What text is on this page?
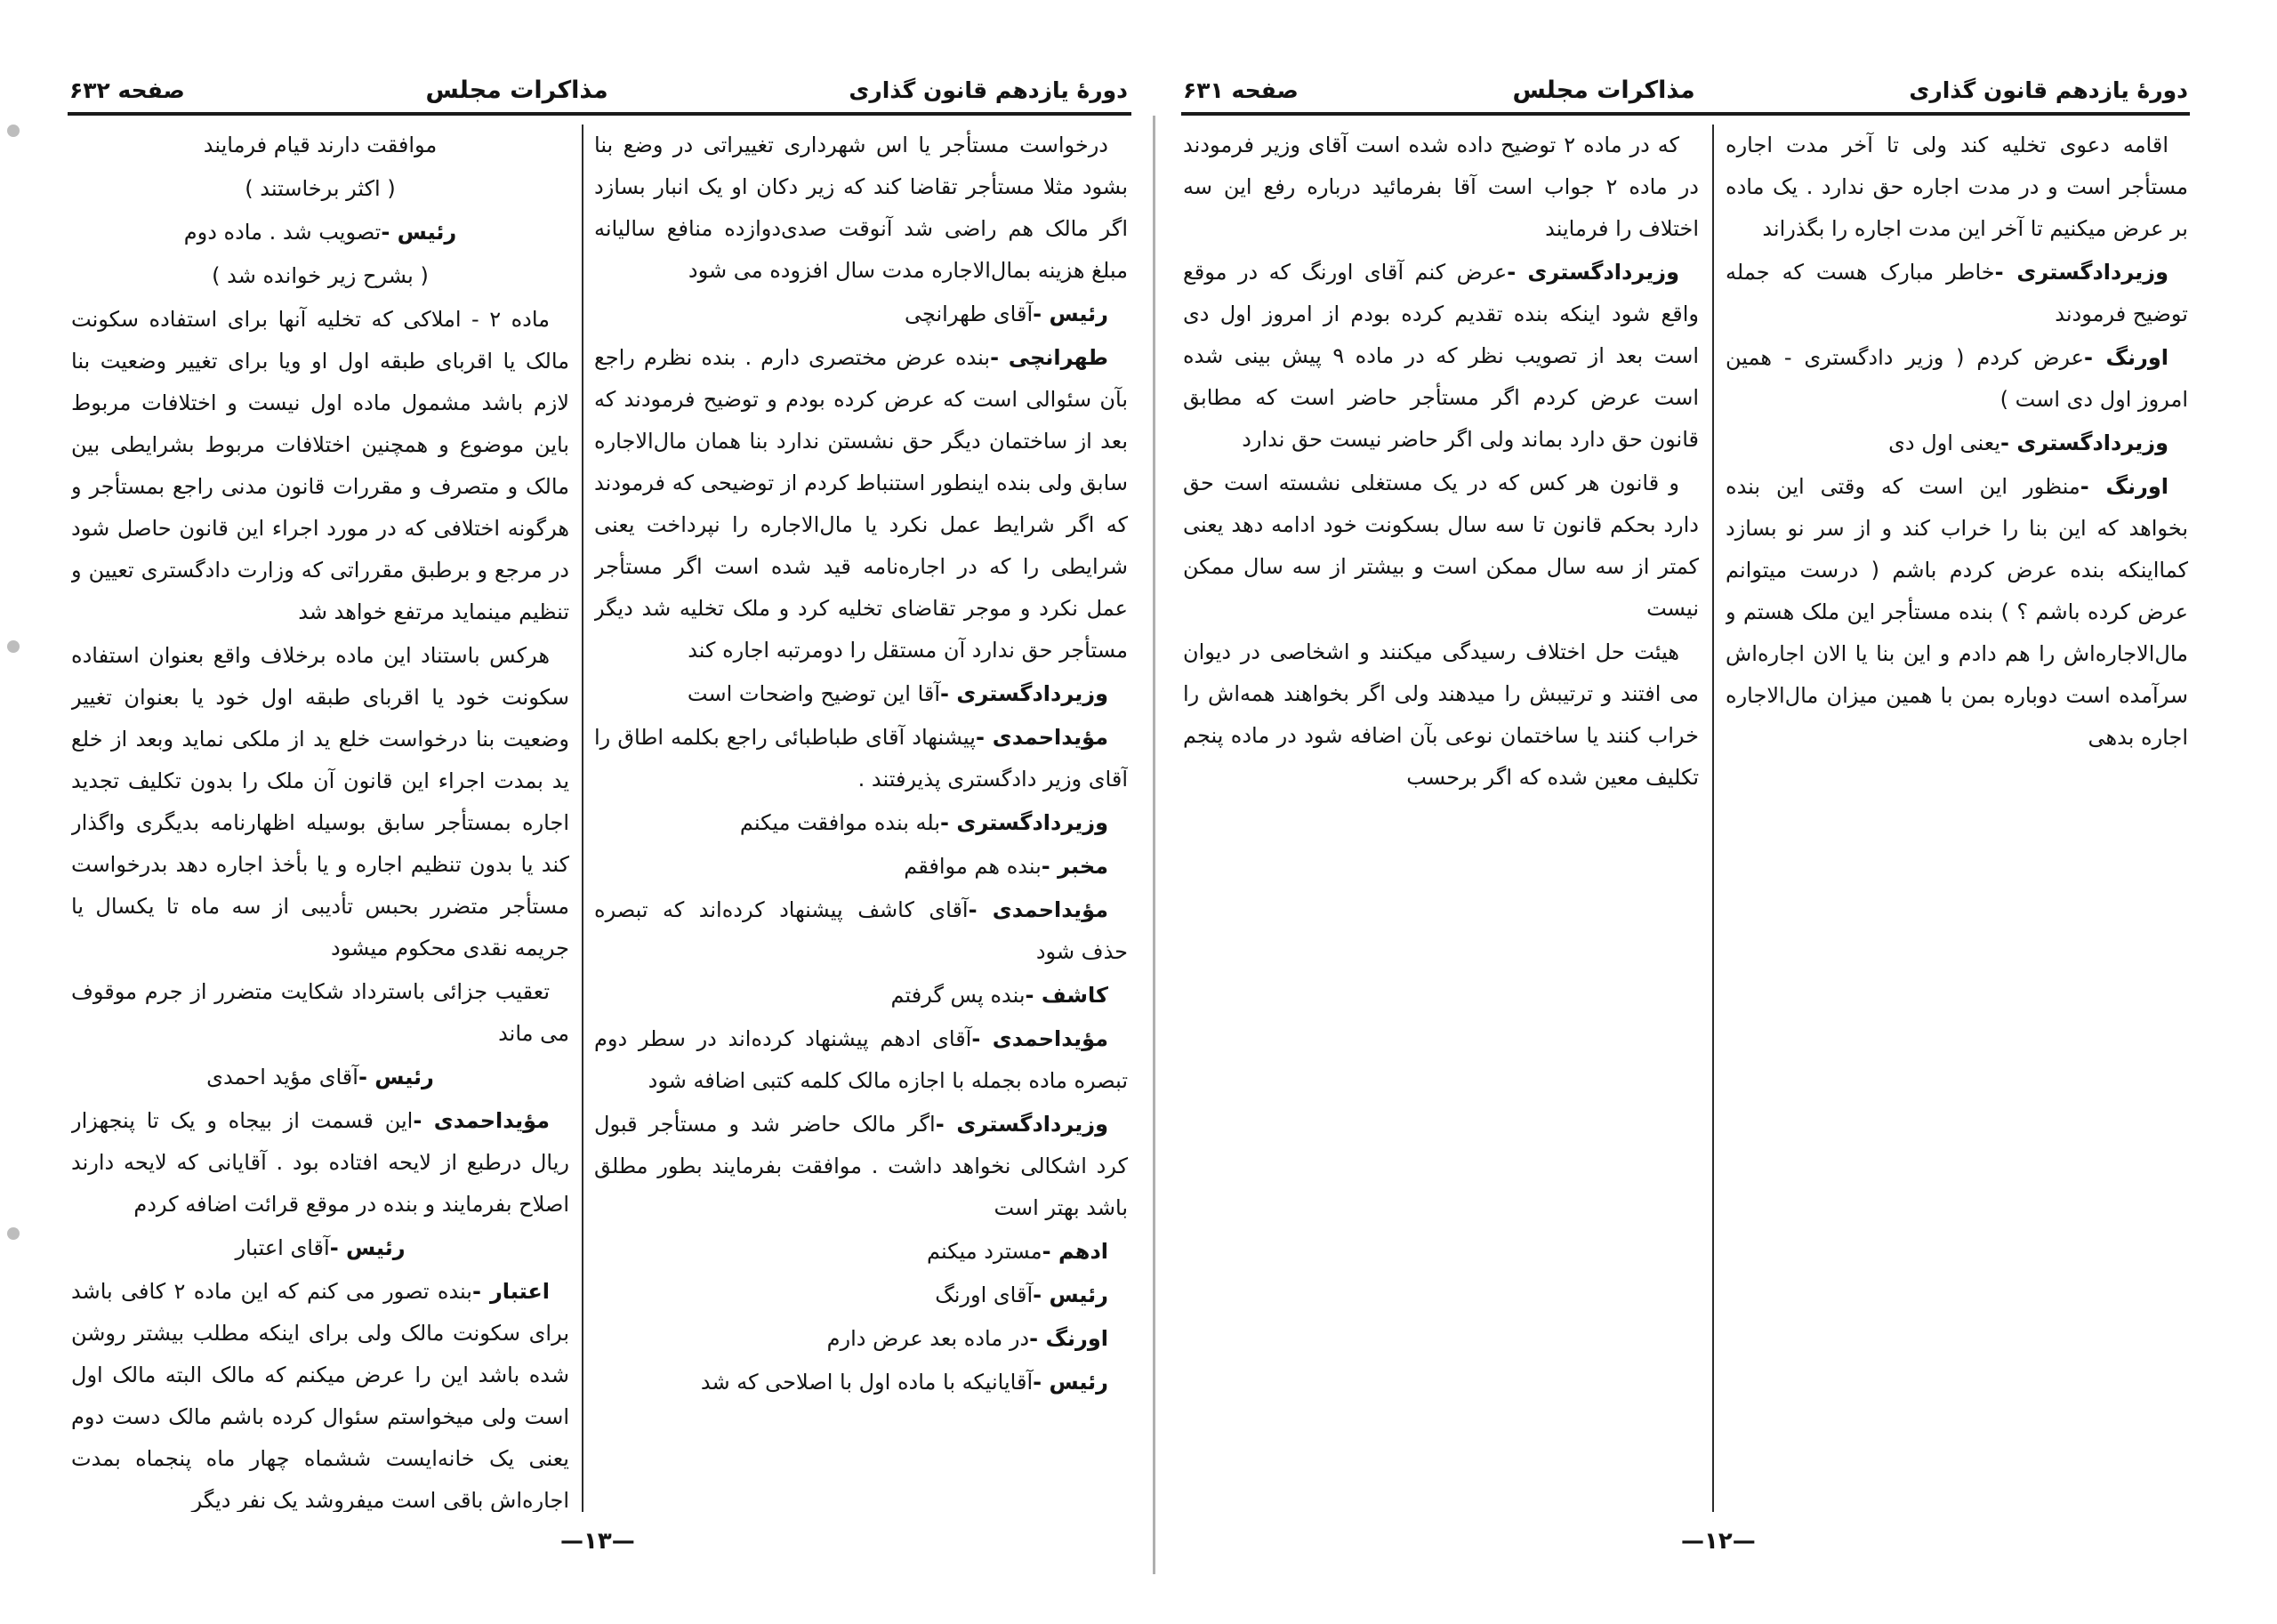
دورهٔ یازدهم قانون گذاری
مذاکرات مجلس
صفحه ۶۳۲

درخواست مستأجر یا اس شهرداری تغییراتی در وضع بنا بشود مثلا مستأجر تقاضا کند که زیر دکان او یک انبار بسازد اگر مالک هم راضی شد آنوقت صدی‌دوازده منافع سالیانه مبلغ هزینه بمال‌الاجاره مدت سال افزوده می شود

رئیس -آقای طهرانچی

طهرانچی -بنده عرض مختصری دارم . بنده نظرم راجع بآن سئوالی است که عرض کرده بودم و توضیح فرمودند که بعد از ساختمان دیگر حق نشستن ندارد بنا همان مال‌الاجاره سابق ولی بنده اینطور استنباط کردم از توضیحی که فرمودند که اگر شرایط عمل نکرد یا مال‌الاجاره را نپرداخت یعنی شرایطی را که در اجاره‌نامه قید شده است اگر مستأجر عمل نکرد و موجر تقاضای تخلیه کرد و ملک تخلیه شد دیگر مستأجر حق ندارد آن مستقل را دومرتبه اجاره کند

وزیردادگستری -آقا این توضیح واضحات است

مؤیداحمدی -پیشنهاد آقای طباطبائی راجع بکلمه اطاق را آقای وزیر دادگستری پذیرفتند .

وزیردادگستری -بله بنده موافقت میکنم

مخبر -بنده هم موافقم

مؤیداحمدی -آقای کاشف پیشنهاد کرده‌اند که تبصره حذف شود

کاشف -بنده پس گرفتم

مؤیداحمدی -آقای ادهم پیشنهاد کرده‌اند در سطر دوم تبصره ماده بجمله با اجازه مالک کلمه کتبی اضافه شود

وزیردادگستری -اگر مالک حاضر شد و مستأجر قبول کرد اشکالی نخواهد داشت . موافقت بفرمایند بطور مطلق باشد بهتر است

ادهم -مسترد میکنم

رئیس -آقای اورنگ

اورنگ -در ماده بعد عرض دارم

رئیس -آقایانیکه با ماده اول با اصلاحی که شد

موافقت دارند قیام فرمایند

( اکثر برخاستند )

رئیس -تصویب شد . ماده دوم

( بشرح زیر خوانده شد )

ماده ۲ - املاکی که تخلیه آنها برای استفاده سکونت مالک یا اقربای طبقه اول او ویا برای تغییر وضعیت بنا لازم باشد مشمول ماده اول نیست و اختلافات مربوط باین موضوع و همچنین اختلافات مربوط بشرایطی بین مالک و متصرف و مقررات قانون مدنی راجع بمستأجر و هرگونه اختلافی که در مورد اجراء این قانون حاصل شود در مرجع و برطبق مقرراتی که وزارت دادگستری تعیین و تنظیم مینماید مرتفع خواهد شد

هرکس باستناد این ماده برخلاف واقع بعنوان استفاده سکونت خود یا اقربای طبقه اول خود یا بعنوان تغییر وضعیت بنا درخواست خلع ید از ملکی نماید وبعد از خلع ید بمدت اجراء این قانون آن ملک را بدون تکلیف تجدید اجاره بمستأجر سابق بوسیله اظهارنامه بدیگری واگذار کند یا بدون تنظیم اجاره و یا بأخذ اجاره دهد بدرخواست مستأجر متضرر بحبس تأدیبی از سه ماه تا یکسال یا جریمه نقدی محکوم میشود

تعقیب جزائی باسترداد شکایت متضرر از جرم موقوف می ماند

رئیس -آقای مؤید احمدی

مؤیداحمدی -این قسمت از بیجاه و یک تا پنجهزار ریال درطبع از لایحه افتاده بود . آقایانی که لایحه دارند اصلاح بفرمایند و بنده در موقع قرائت اضافه کردم

رئیس -آقای اعتبار

اعتبار -بنده تصور می کنم که این ماده ۲ کافی باشد برای سکونت مالک ولی برای اینکه مطلب بیشتر روشن شده باشد این را عرض میکنم که مالک البته مالک اول است ولی میخواستم سئوال کرده باشم مالک دست دوم یعنی یک خانه‌ایست ششماه چهار ماه پنجماه بمدت اجاره‌اش باقی است میفروشد یک نفر دیگر

—۱۳—
دورهٔ یازدهم قانون گذاری
مذاکرات مجلس
صفحه ۶۳۱

اقامه دعوی تخلیه کند ولی تا آخر مدت اجاره مستأجر است و در مدت اجاره حق ندارد . یک ماده بر عرض میکنیم تا آخر این مدت اجاره را بگذراند

وزیردادگستری -خاطر مبارک هست که جمله توضیح فرمودند

اورنگ -عرض کردم ( وزیر دادگستری - همین امروز اول دی است )

وزیردادگستری -یعنی اول دی

اورنگ -منظور این است که وقتی این بنده بخواهد که این بنا را خراب کند و از سر نو بسازد کمااینکه بنده عرض کردم باشم ( درست میتوانم عرض کرده باشم ؟ ) بنده مستأجر این ملک هستم و مال‌الاجاره‌اش را هم دادم و این بنا یا الان اجاره‌اش سرآمده است دوباره بمن با همین میزان مال‌الاجاره اجاره بدهی

که در ماده ۲ توضیح داده شده است آقای وزیر فرمودند در ماده ۲ جواب است آقا بفرمائید درباره رفع این سه اختلاف را فرمایند

وزیردادگستری -عرض کنم آقای اورنگ که در موقع واقع شود اینکه بنده تقدیم کرده بودم از امروز اول دی است بعد از تصویب نظر که در ماده ۹ پیش بینی شده است عرض کردم اگر مستأجر حاضر است که مطابق قانون حق دارد بماند ولی اگر حاضر نیست حق ندارد

و قانون هر کس که در یک مستغلی نشسته است حق دارد بحکم قانون تا سه سال بسکونت خود ادامه دهد یعنی کمتر از سه سال ممکن است و بیشتر از سه سال ممکن نیست

هیئت حل اختلاف رسیدگی میکنند و اشخاصی در دیوان می افتند و ترتیبش را میدهند ولی اگر بخواهند همه‌اش را خراب کنند یا ساختمان نوعی بآن اضافه شود در ماده پنجم تکلیف معین شده که اگر برحسب

—۱۲—
